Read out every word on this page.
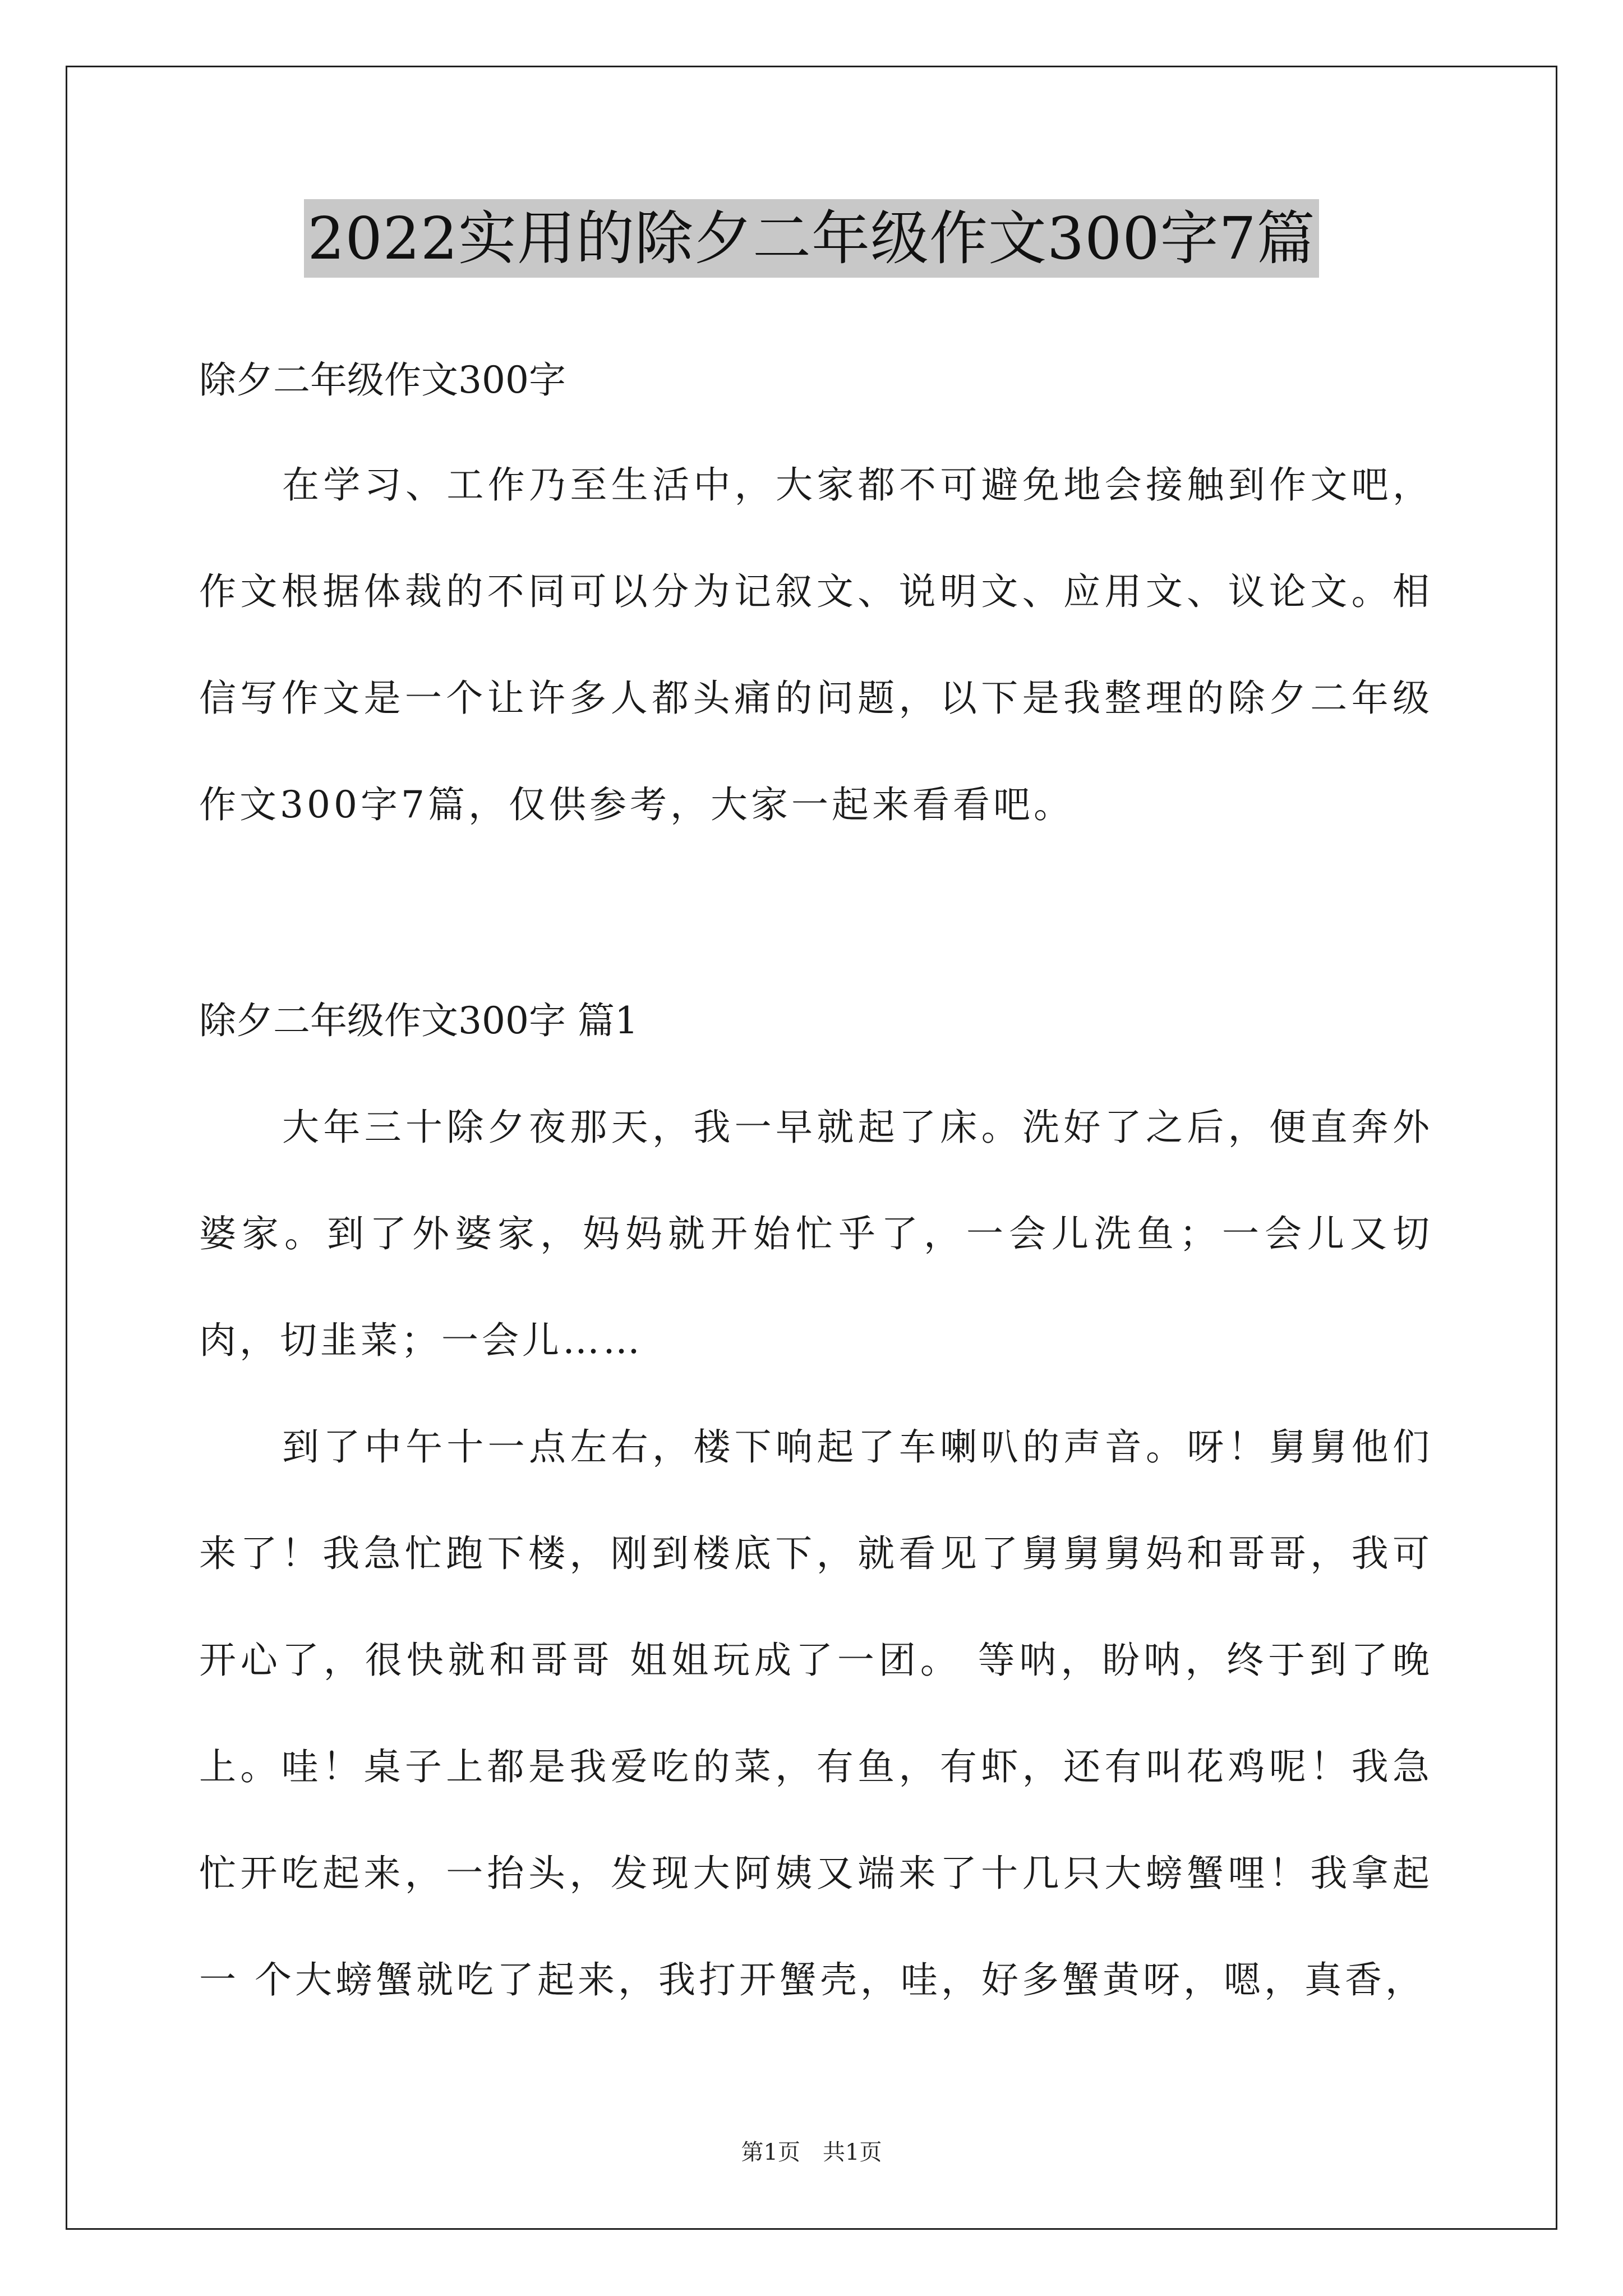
2022实用的除夕二年级作文300字7篇
除夕二年级作文300字
在学习、工作乃至生活中，大家都不可避免地会接触到作文吧，作文根据体裁的不同可以分为记叙文、说明文、应用文、议论文。相信写作文是一个让许多人都头痛的问题，以下是我整理的除夕二年级作文300字7篇，仅供参考，大家一起来看看吧。
除夕二年级作文300字 篇1
大年三十除夕夜那天，我一早就起了床。洗好了之后，便直奔外婆家。到了外婆家，妈妈就开始忙乎了，一会儿洗鱼；一会儿又切肉，切韭菜；一会儿……
到了中午十一点左右，楼下响起了车喇叭的声音。呀！舅舅他们来了！我急忙跑下楼，刚到楼底下，就看见了舅舅舅妈和哥哥，我可开心了，很快就和哥哥 姐姐玩成了一团。 等呐，盼呐，终于到了晚上。哇！桌子上都是我爱吃的菜，有鱼，有虾，还有叫花鸡呢！我急忙开吃起来，一抬头，发现大阿姨又端来了十几只大螃蟹哩！我拿起一 个大螃蟹就吃了起来，我打开蟹壳，哇，好多蟹黄呀，嗯，真香，
第1页　共1页
